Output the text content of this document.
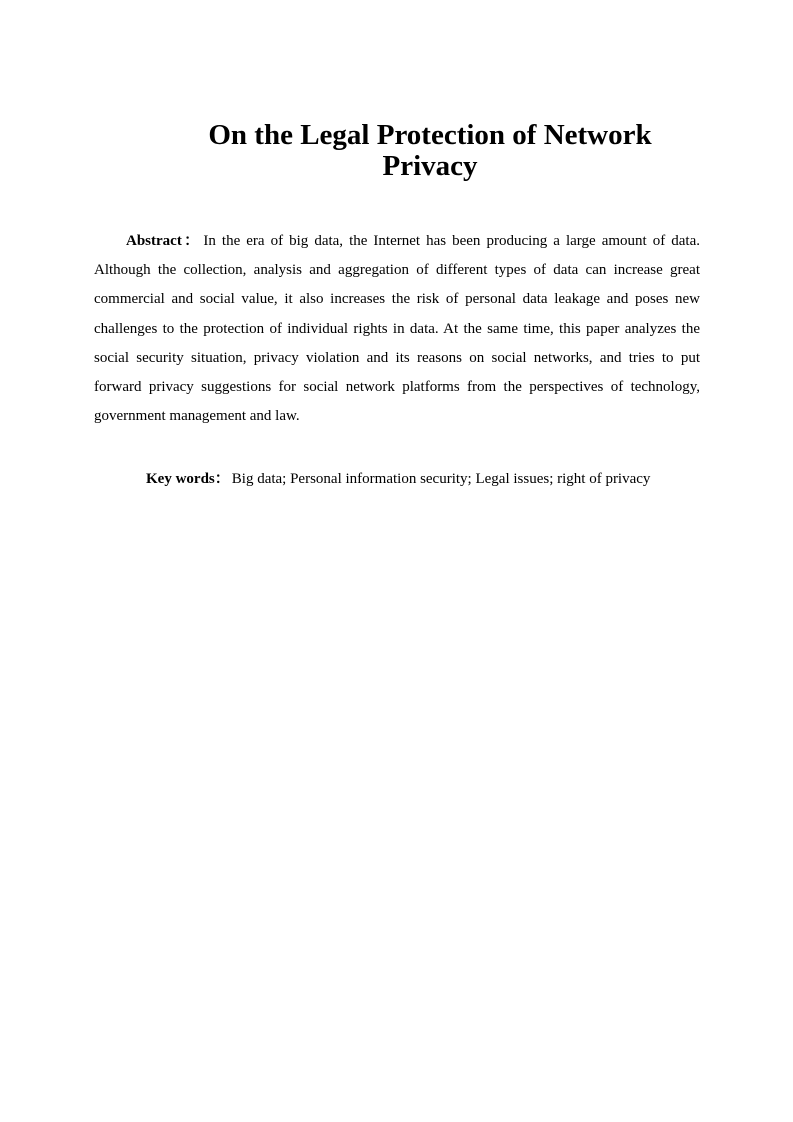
On the Legal Protection of Network
Privacy

Abstract： In the era of big data, the Internet has been producing a large amount of data. Although the collection, analysis and aggregation of different types of data can increase great commercial and social value, it also increases the risk of personal data leakage and poses new challenges to the protection of individual rights in data. At the same time, this paper analyzes the social security situation, privacy violation and its reasons on social networks, and tries to put forward privacy suggestions for social network platforms from the perspectives of technology, government management and law.

Key words： Big data; Personal information security; Legal issues; right of privacy
